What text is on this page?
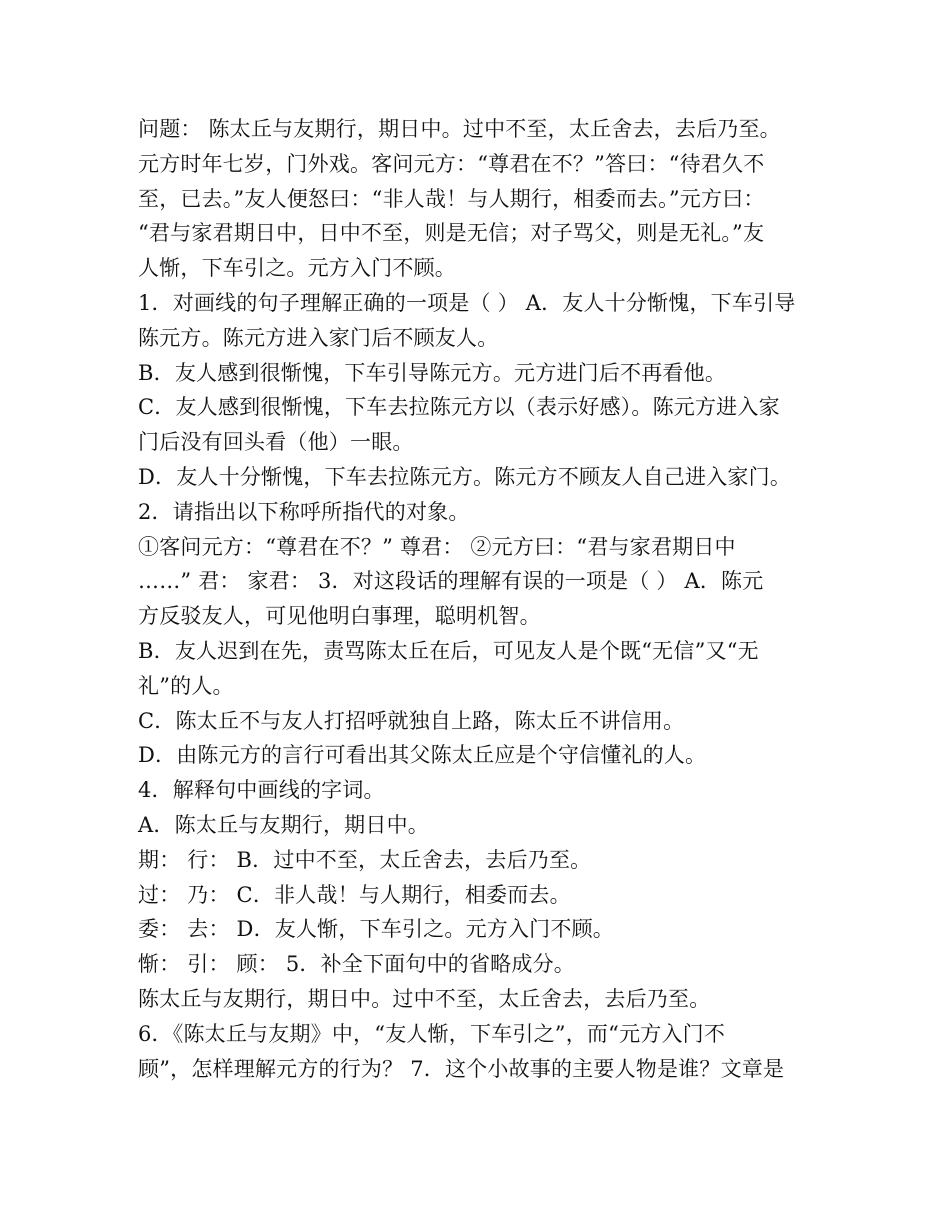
问题： 陈太丘与友期行，期日中。过中不至，太丘舍去，去后乃至。
元方时年七岁，门外戏。客问元方：“尊君在不？”答曰：“待君久不
至，已去。”友人便怒曰：“非人哉！与人期行，相委而去。”元方曰：
“君与家君期日中，日中不至，则是无信；对子骂父，则是无礼。”友
人惭，下车引之。元方入门不顾。
1．对画线的句子理解正确的一项是（ ） A．友人十分惭愧，下车引导
陈元方。陈元方进入家门后不顾友人。
B．友人感到很惭愧，下车引导陈元方。元方进门后不再看他。
C．友人感到很惭愧，下车去拉陈元方以（表示好感）。陈元方进入家
门后没有回头看（他）一眼。
D．友人十分惭愧，下车去拉陈元方。陈元方不顾友人自己进入家门。
2．请指出以下称呼所指代的对象。
①客问元方：“尊君在不？” 尊君： ②元方曰：“君与家君期日中
……” 君： 家君： 3．对这段话的理解有误的一项是（ ） A．陈元
方反驳友人，可见他明白事理，聪明机智。
B．友人迟到在先，责骂陈太丘在后，可见友人是个既“无信”又“无
礼”的人。
C．陈太丘不与友人打招呼就独自上路，陈太丘不讲信用。
D．由陈元方的言行可看出其父陈太丘应是个守信懂礼的人。
4．解释句中画线的字词。
A．陈太丘与友期行，期日中。
期： 行： B．过中不至，太丘舍去，去后乃至。
过： 乃： C．非人哉！与人期行，相委而去。
委： 去： D．友人惭，下车引之。元方入门不顾。
惭： 引： 顾： 5．补全下面句中的省略成分。
陈太丘与友期行，期日中。过中不至，太丘舍去，去后乃至。
6．《陈太丘与友期》中，“友人惭，下车引之”，而“元方入门不
顾”，怎样理解元方的行为？ 7．这个小故事的主要人物是谁？文章是
